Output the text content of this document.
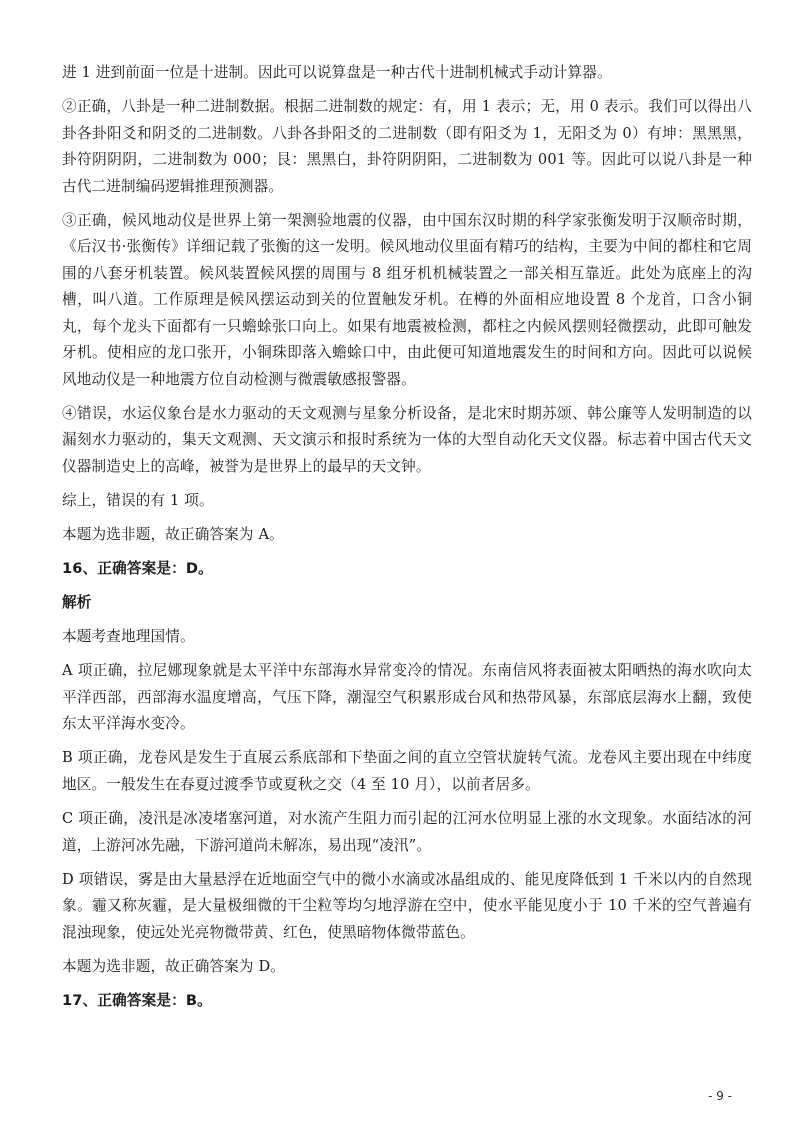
进 1 进到前面一位是十进制。因此可以说算盘是一种古代十进制机械式手动计算器。

②正确，八卦是一种二进制数据。根据二进制数的规定：有，用 1 表示；无，用 0 表示。我们可以得出八卦各卦阳爻和阴爻的二进制数。八卦各卦阳爻的二进制数（即有阳爻为 1，无阳爻为 0）有坤：黑黑黑，卦符阴阴阴，二进制数为 000；艮：黑黑白，卦符阴阴阳，二进制数为 001 等。因此可以说八卦是一种古代二进制编码逻辑推理预测器。

③正确，候风地动仪是世界上第一架测验地震的仪器，由中国东汉时期的科学家张衡发明于汉顺帝时期，《后汉书·张衡传》详细记载了张衡的这一发明。候风地动仪里面有精巧的结构，主要为中间的都柱和它周围的八套牙机装置。候风装置候风摆的周围与 8 组牙机机械装置之一部关相互靠近。此处为底座上的沟槽，叫八道。工作原理是候风摆运动到关的位置触发牙机。在樽的外面相应地设置 8 个龙首，口含小铜丸，每个龙头下面都有一只蟾蜍张口向上。如果有地震被检测，都柱之内候风摆则轻微摆动，此即可触发牙机。使相应的龙口张开，小铜珠即落入蟾蜍口中，由此便可知道地震发生的时间和方向。因此可以说候风地动仪是一种地震方位自动检测与微震敏感报警器。

④错误，水运仪象台是水力驱动的天文观测与星象分析设备，是北宋时期苏颂、韩公廉等人发明制造的以漏刻水力驱动的，集天文观测、天文演示和报时系统为一体的大型自动化天文仪器。标志着中国古代天文仪器制造史上的高峰，被誉为是世界上的最早的天文钟。

综上，错误的有 1 项。

本题为选非题，故正确答案为 A。

16、正确答案是：D。

解析

本题考查地理国情。

A 项正确，拉尼娜现象就是太平洋中东部海水异常变冷的情况。东南信风将表面被太阳晒热的海水吹向太平洋西部，西部海水温度增高，气压下降，潮湿空气积累形成台风和热带风暴，东部底层海水上翻，致使东太平洋海水变冷。

B 项正确，龙卷风是发生于直展云系底部和下垫面之间的直立空管状旋转气流。龙卷风主要出现在中纬度地区。一般发生在春夏过渡季节或夏秋之交（4 至 10 月），以前者居多。

C 项正确，凌汛是冰凌堵塞河道，对水流产生阻力而引起的江河水位明显上涨的水文现象。水面结冰的河道，上游河冰先融，下游河道尚未解冻，易出现“凌汛”。

D 项错误，雾是由大量悬浮在近地面空气中的微小水滴或冰晶组成的、能见度降低到 1 千米以内的自然现象。霾又称灰霾，是大量极细微的干尘粒等均匀地浮游在空中，使水平能见度小于 10 千米的空气普遍有混浊现象，使远处光亮物微带黄、红色，使黑暗物体微带蓝色。

本题为选非题，故正确答案为 D。

17、正确答案是：B。

- 9 -
